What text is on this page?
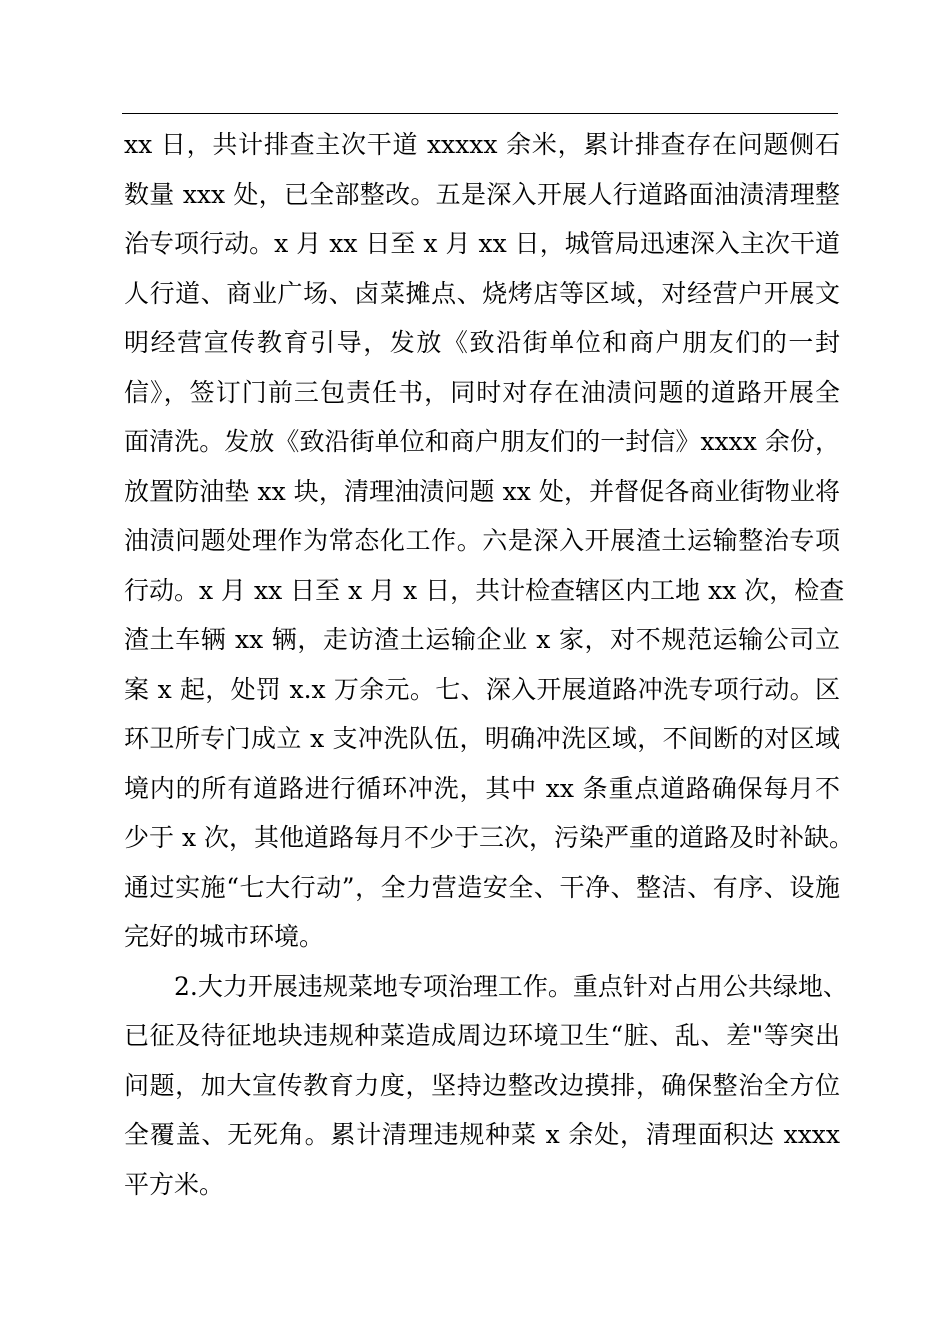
xx 日，共计排查主次干道 xxxxx 余米，累计排查存在问题侧石
数量 xxx 处，已全部整改。五是深入开展人行道路面油渍清理整
治专项行动。x 月 xx 日至 x 月 xx 日，城管局迅速深入主次干道
人行道、商业广场、卤菜摊点、烧烤店等区域，对经营户开展文
明经营宣传教育引导，发放《致沿街单位和商户朋友们的一封
信》，签订门前三包责任书，同时对存在油渍问题的道路开展全
面清洗。发放《致沿街单位和商户朋友们的一封信》xxxx 余份，
放置防油垫 xx 块，清理油渍问题 xx 处，并督促各商业街物业将
油渍问题处理作为常态化工作。六是深入开展渣土运输整治专项
行动。x 月 xx 日至 x 月 x 日，共计检查辖区内工地 xx 次，检查
渣土车辆 xx 辆，走访渣土运输企业 x 家，对不规范运输公司立
案 x 起，处罚 x.x 万余元。七、深入开展道路冲洗专项行动。区
环卫所专门成立 x 支冲洗队伍，明确冲洗区域，不间断的对区域
境内的所有道路进行循环冲洗，其中 xx 条重点道路确保每月不
少于 x 次，其他道路每月不少于三次，污染严重的道路及时补缺。
通过实施“七大行动”，全力营造安全、干净、整洁、有序、设施
完好的城市环境。
2.大力开展违规菜地专项治理工作。重点针对占用公共绿地、
已征及待征地块违规种菜造成周边环境卫生“脏、乱、差"等突出
问题，加大宣传教育力度，坚持边整改边摸排，确保整治全方位
全覆盖、无死角。累计清理违规种菜 x 余处，清理面积达 xxxx
平方米。
